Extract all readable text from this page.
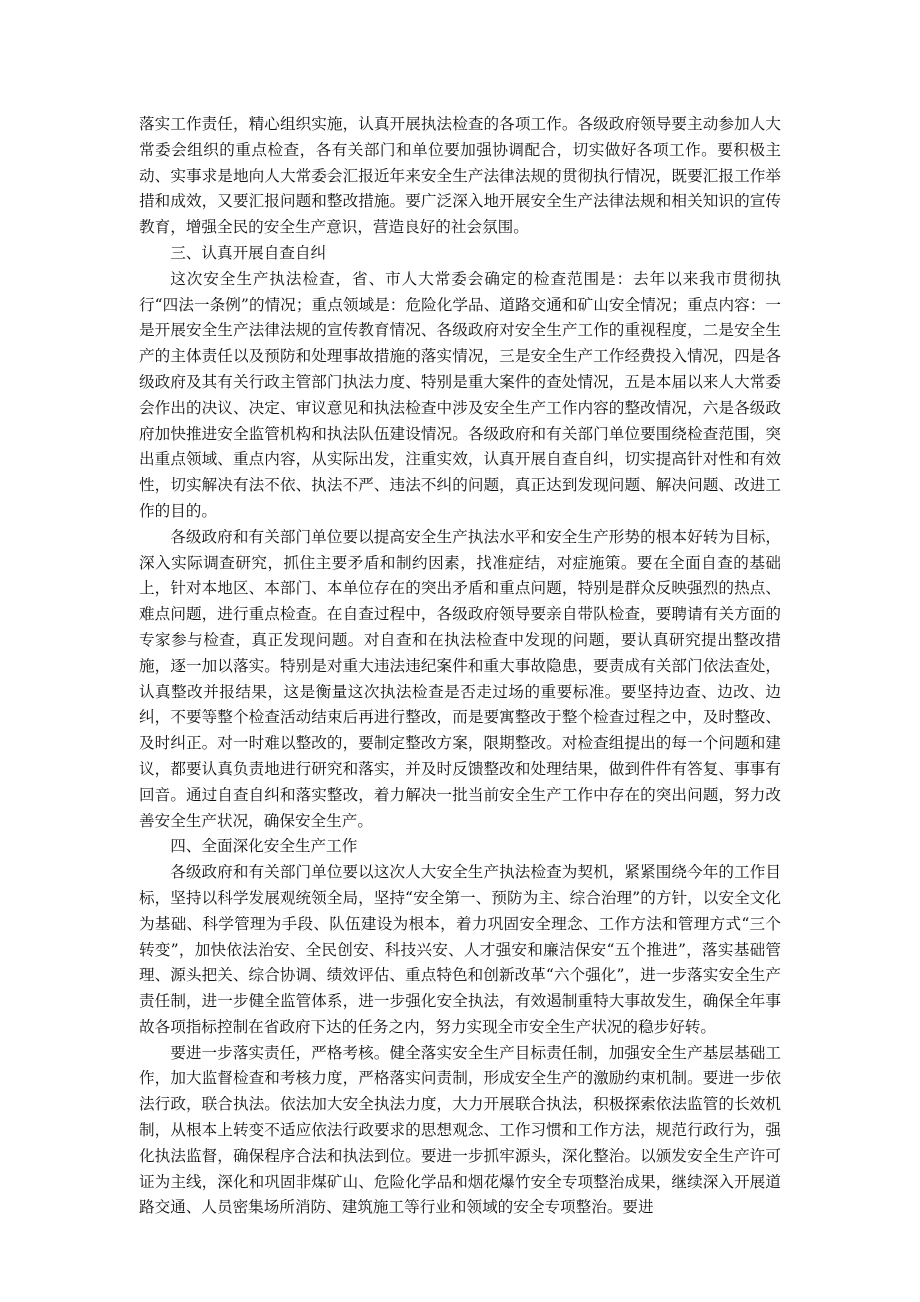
落实工作责任，精心组织实施，认真开展执法检查的各项工作。各级政府领导要主动参加人大常委会组织的重点检查，各有关部门和单位要加强协调配合，切实做好各项工作。要积极主动、实事求是地向人大常委会汇报近年来安全生产法律法规的贯彻执行情况，既要汇报工作举措和成效，又要汇报问题和整改措施。要广泛深入地开展安全生产法律法规和相关知识的宣传教育，增强全民的安全生产意识，营造良好的社会氛围。

三、认真开展自查自纠

这次安全生产执法检查，省、市人大常委会确定的检查范围是：去年以来我市贯彻执行“四法一条例”的情况；重点领域是：危险化学品、道路交通和矿山安全情况；重点内容：一是开展安全生产法律法规的宣传教育情况、各级政府对安全生产工作的重视程度，二是安全生产的主体责任以及预防和处理事故措施的落实情况，三是安全生产工作经费投入情况，四是各级政府及其有关行政主管部门执法力度、特别是重大案件的查处情况，五是本届以来人大常委会作出的决议、决定、审议意见和执法检查中涉及安全生产工作内容的整改情况，六是各级政府加快推进安全监管机构和执法队伍建设情况。各级政府和有关部门单位要围绕检查范围，突出重点领域、重点内容，从实际出发，注重实效，认真开展自查自纠，切实提高针对性和有效性，切实解决有法不依、执法不严、违法不纠的问题，真正达到发现问题、解决问题、改进工作的目的。

各级政府和有关部门单位要以提高安全生产执法水平和安全生产形势的根本好转为目标，深入实际调查研究，抓住主要矛盾和制约因素，找准症结，对症施策。要在全面自查的基础上，针对本地区、本部门、本单位存在的突出矛盾和重点问题，特别是群众反映强烈的热点、难点问题，进行重点检查。在自查过程中，各级政府领导要亲自带队检查，要聘请有关方面的专家参与检查，真正发现问题。对自查和在执法检查中发现的问题，要认真研究提出整改措施，逐一加以落实。特别是对重大违法违纪案件和重大事故隐患，要责成有关部门依法查处，认真整改并报结果，这是衡量这次执法检查是否走过场的重要标准。要坚持边查、边改、边纠，不要等整个检查活动结束后再进行整改，而是要寓整改于整个检查过程之中，及时整改、及时纠正。对一时难以整改的，要制定整改方案，限期整改。对检查组提出的每一个问题和建议，都要认真负责地进行研究和落实，并及时反馈整改和处理结果，做到件件有答复、事事有回音。通过自查自纠和落实整改，着力解决一批当前安全生产工作中存在的突出问题，努力改善安全生产状况，确保安全生产。

四、全面深化安全生产工作

各级政府和有关部门单位要以这次人大安全生产执法检查为契机，紧紧围绕今年的工作目标，坚持以科学发展观统领全局，坚持“安全第一、预防为主、综合治理”的方针，以安全文化为基础、科学管理为手段、队伍建设为根本，着力巩固安全理念、工作方法和管理方式“三个转变”，加快依法治安、全民创安、科技兴安、人才强安和廉洁保安“五个推进”，落实基础管理、源头把关、综合协调、绩效评估、重点特色和创新改革“六个强化”，进一步落实安全生产责任制，进一步健全监管体系，进一步强化安全执法，有效遏制重特大事故发生，确保全年事故各项指标控制在省政府下达的任务之内，努力实现全市安全生产状况的稳步好转。

要进一步落实责任，严格考核。健全落实安全生产目标责任制，加强安全生产基层基础工作，加大监督检查和考核力度，严格落实问责制，形成安全生产的激励约束机制。要进一步依法行政，联合执法。依法加大安全执法力度，大力开展联合执法，积极探索依法监管的长效机制，从根本上转变不适应依法行政要求的思想观念、工作习惯和工作方法，规范行政行为，强化执法监督，确保程序合法和执法到位。要进一步抓牢源头，深化整治。以颁发安全生产许可证为主线，深化和巩固非煤矿山、危险化学品和烟花爆竹安全专项整治成果，继续深入开展道路交通、人员密集场所消防、建筑施工等行业和领域的安全专项整治。要进
